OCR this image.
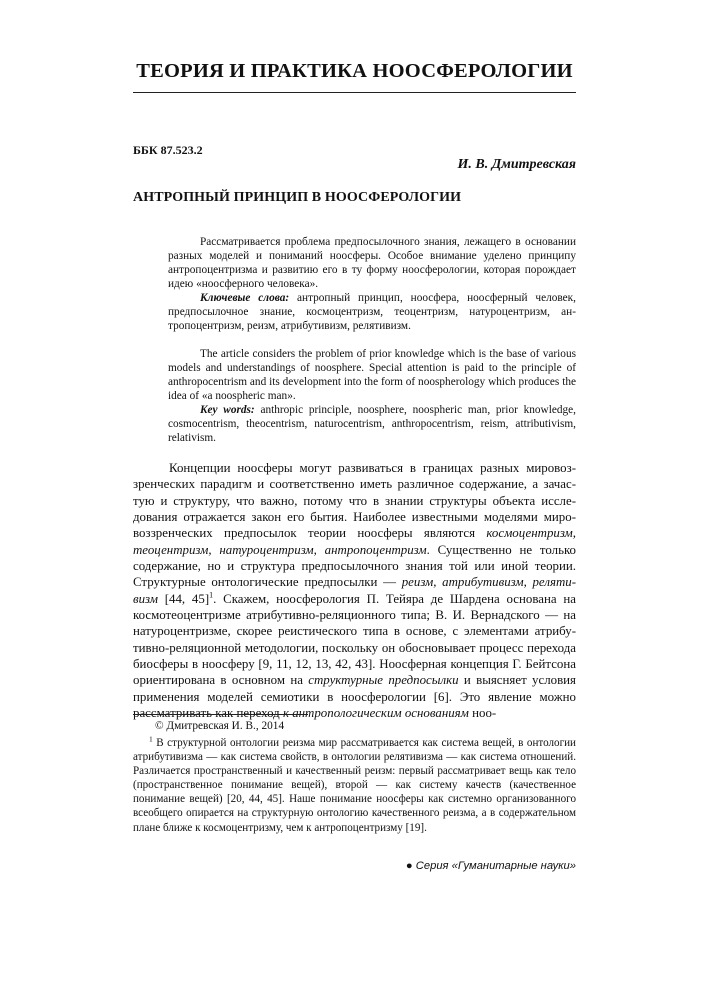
ТЕОРИЯ И ПРАКТИКА НООСФЕРОЛОГИИ
ББК 87.523.2
И. В. Дмитревская
АНТРОПНЫЙ ПРИНЦИП В НООСФЕРОЛОГИИ

Рассматривается проблема предпосылочного знания, лежащего в основании разных моделей и пониманий ноосферы. Особое внимание уделено принципу антропоцентризма и развитию его в ту форму ноосферологии, которая порождает идею «ноосферного человека».

Ключевые слова: антропный принцип, ноосфера, ноосферный человек, предпосылочное знание, космоцентризм, теоцентризм, натуроцентризм, антропоцентризм, реизм, атрибутивизм, релятивизм.

The article considers the problem of prior knowledge which is the base of various models and understandings of noosphere. Special attention is paid to the principle of anthropocentrism and its development into the form of noospherology which produces the idea of «a noospheric man».

Key words: anthropic principle, noosphere, noospheric man, prior knowledge, cosmocentrism, theocentrism, naturocentrism, anthropocentrism, reism, attributivism, relativism.

Концепции ноосферы могут развиваться в границах разных мировоззренческих парадигм и соответственно иметь различное содержание, а зачастую и структуру, что важно, потому что в знании структуры объекта исследования отражается закон его бытия. Наиболее известными моделями мировоззренческих предпосылок теории ноосферы являются космоцентризм, теоцентризм, натуроцентризм, антропоцентризм. Существенно не только содержание, но и структура предпосылочного знания той или иной теории. Структурные онтологические предпосылки — реизм, атрибутивизм, релятивизм [44, 45]$^1$. Скажем, ноосферология П. Тейяра де Шардена основана на космотеоцентризме атрибутивно-реляционного типа; В. И. Вернадского — на натуроцентризме, скорее реистического типа в основе, с элементами атрибутивно-реляционной методологии, поскольку он обосновывает процесс перехода биосферы в ноосферу [9, 11, 12, 13, 42, 43]. Ноосферная концепция Г. Бейтсона ориентирована в основном на структурные предпосылки и выясняет условия применения моделей семиотики в ноосферологии [6]. Это явление можно рассматривать как переход к антропологическим основаниям ноо-

© Дмитревская И. В., 2014

$^1$ В структурной онтологии реизма мир рассматривается как система вещей, в онтологии атрибутивизма — как система свойств, в онтологии релятивизма — как система отношений. Различается пространственный и качественный реизм: первый рассматривает вещь как тело (пространственное понимание вещей), второй — как систему качеств (качественное понимание вещей) [20, 44, 45]. Наше понимание ноосферы как системно организованного всеобщего опирается на структурную онтологию качественного реизма, а в содержательном плане ближе к космоцентризму, чем к антропоцентризму [19].

● Серия «Гуманитарные науки»
